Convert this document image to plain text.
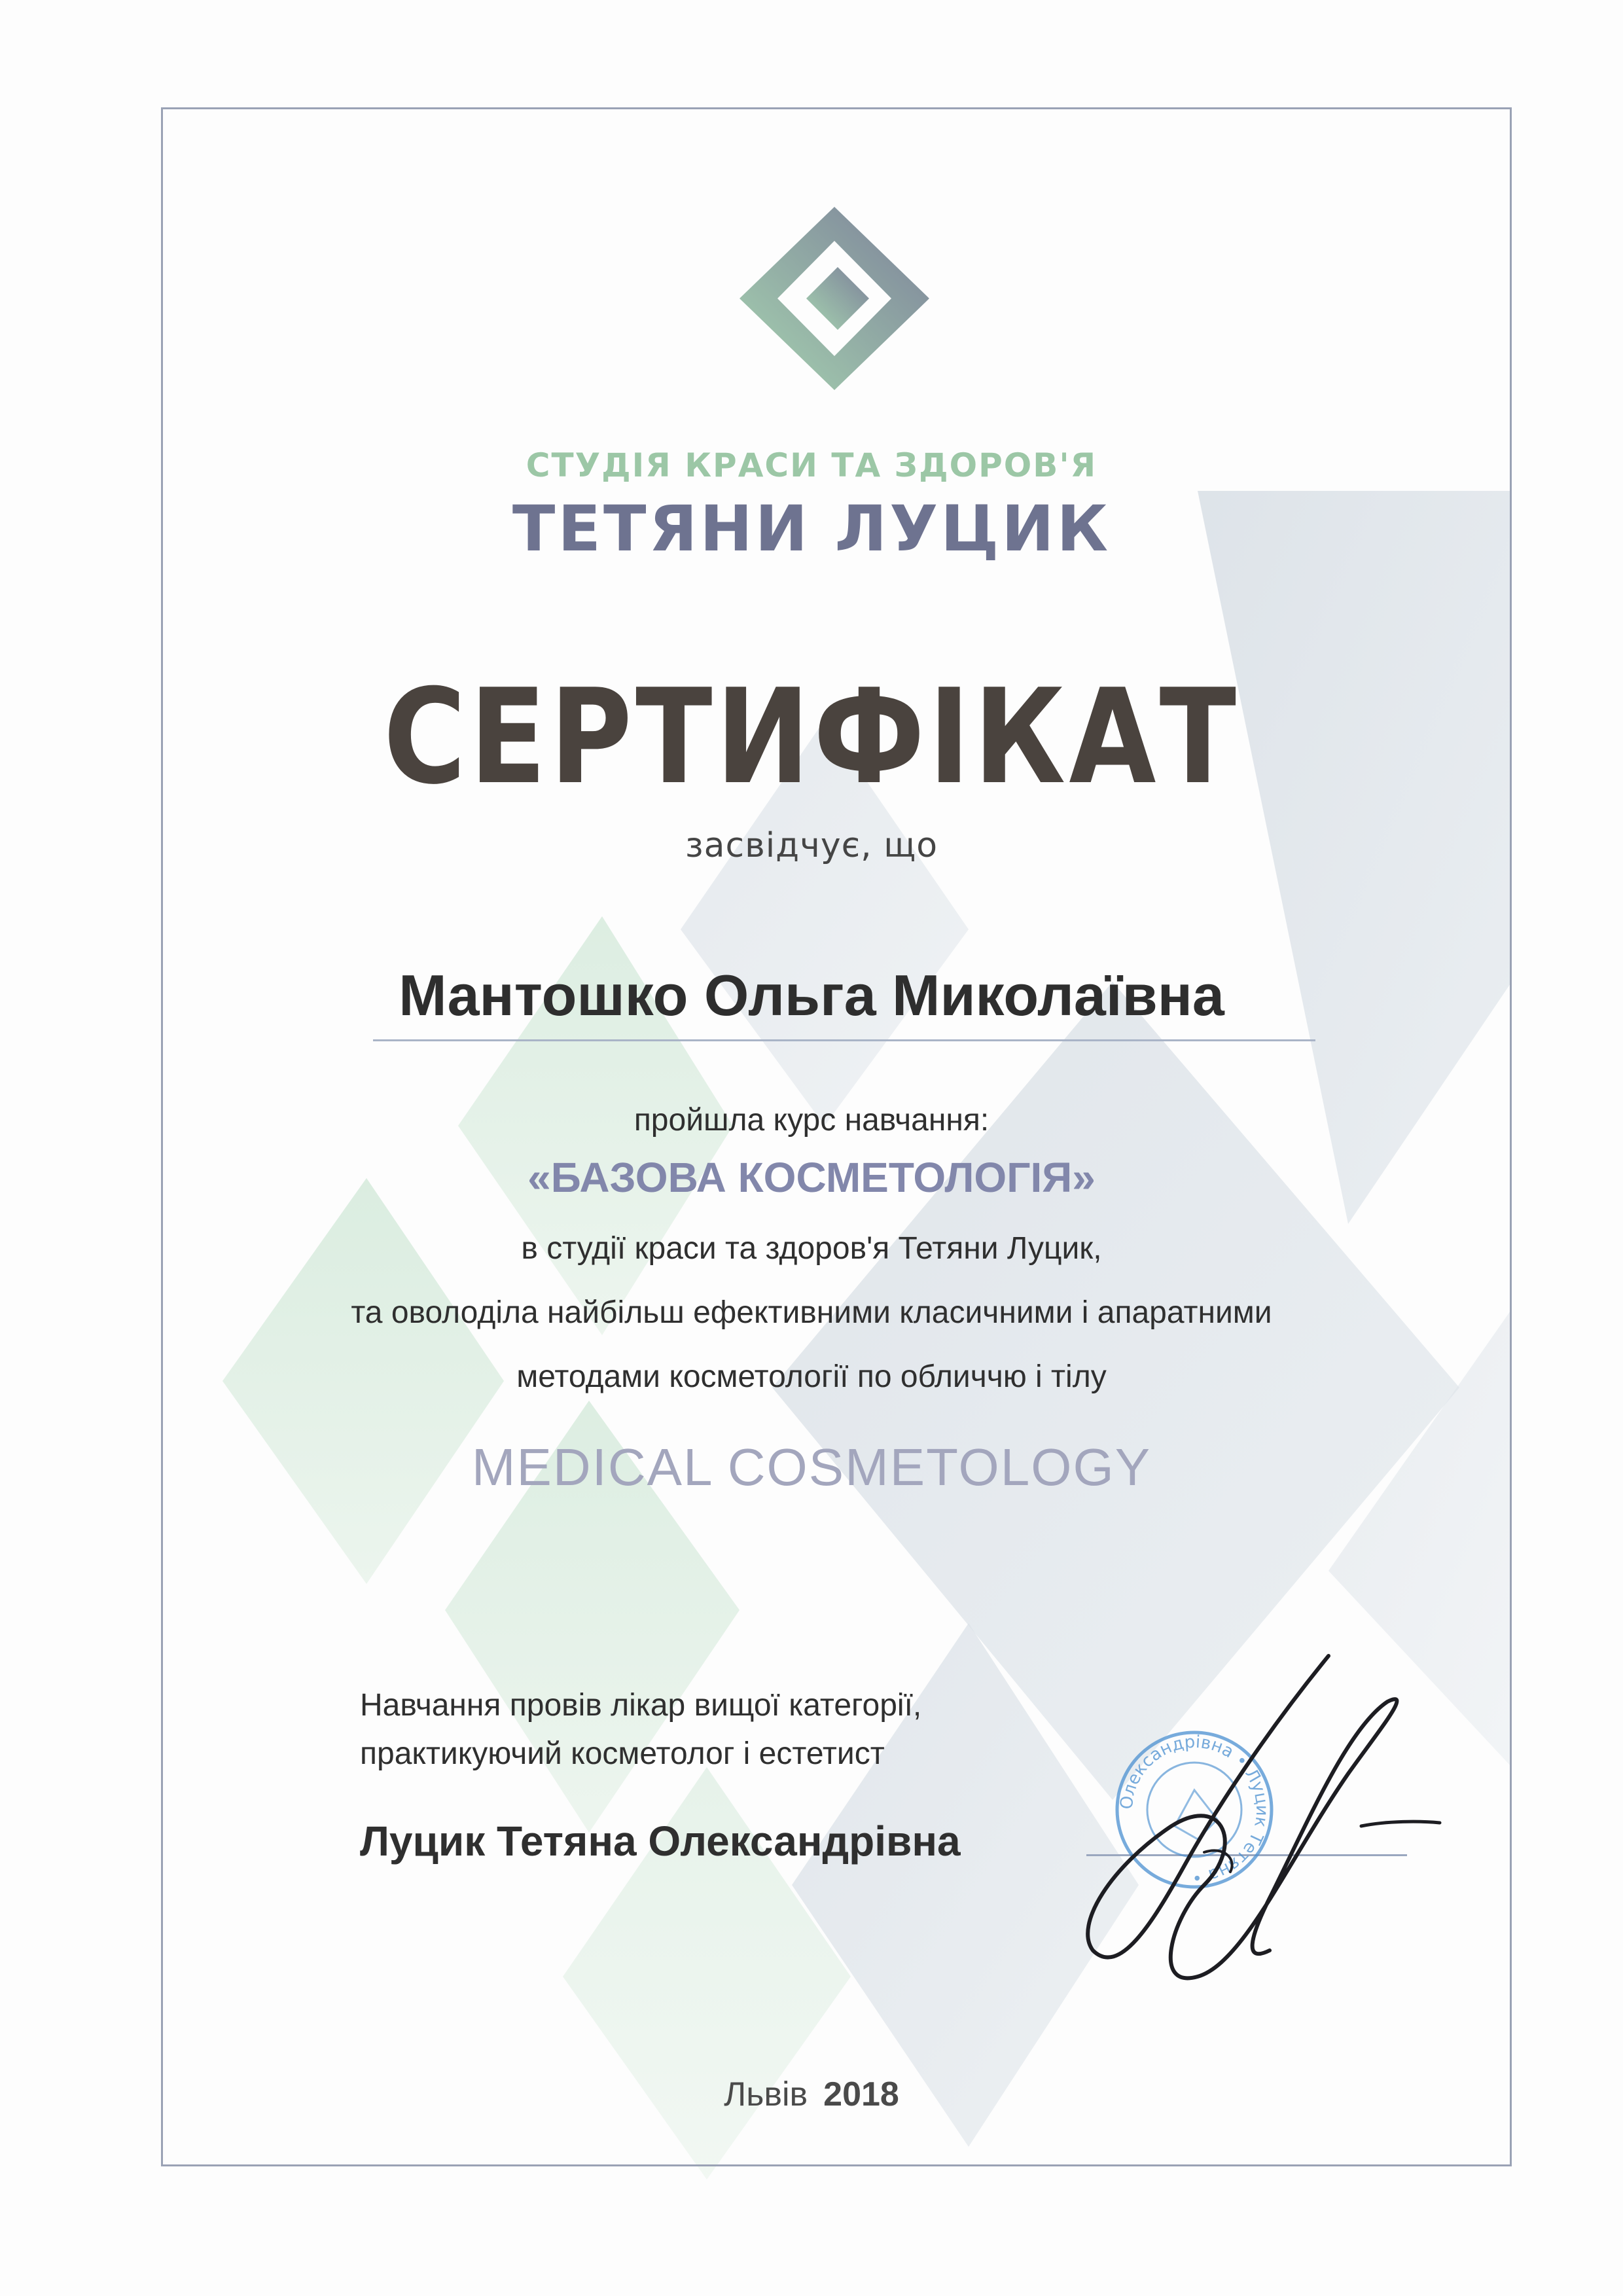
СТУДІЯ КРАСИ ТА ЗДОРОВ'Я
ТЕТЯНИ ЛУЦИК
СЕРТИФІКАТ
засвідчує, що
Мантошко Ольга Миколаївна
пройшла курс навчання:
«БАЗОВА КОСМЕТОЛОГІЯ»
в студії краси та здоров'я Тетяни Луцик,
та оволоділа найбільш ефективними класичними і апаратними
методами косметології по обличчю і тілу
MEDICAL COSMETOLOGY
Навчання провів лікар вищої категорії,
практикуючий косметолог і естетист
Луцик Тетяна Олександрівна
Олександрівна • Луцик Тетяна •
Львів 2018
